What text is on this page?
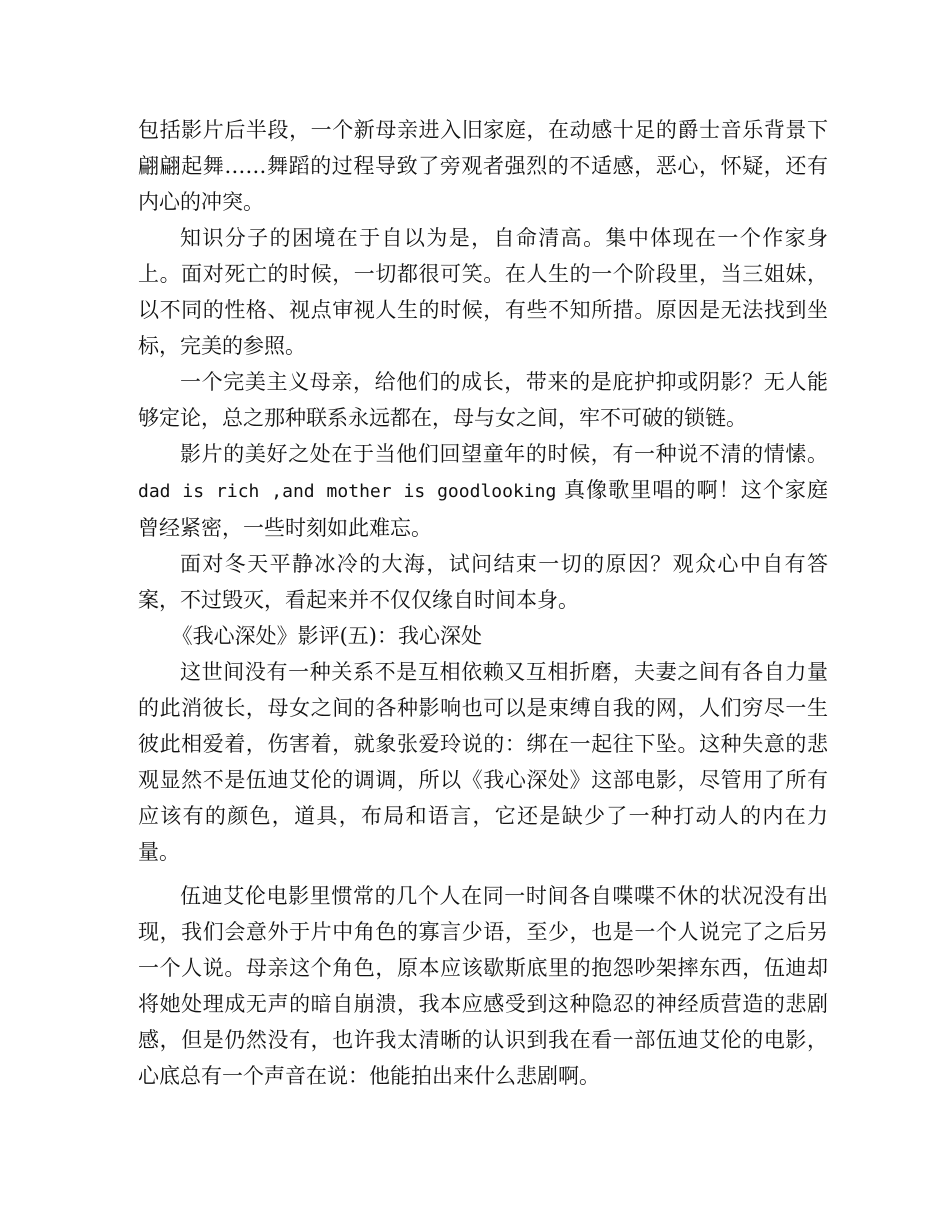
包括影片后半段，一个新母亲进入旧家庭，在动感十足的爵士音乐背景下翩翩起舞……舞蹈的过程导致了旁观者强烈的不适感，恶心，怀疑，还有内心的冲突。

知识分子的困境在于自以为是，自命清高。集中体现在一个作家身上。面对死亡的时候，一切都很可笑。在人生的一个阶段里，当三姐妹，以不同的性格、视点审视人生的时候，有些不知所措。原因是无法找到坐标，完美的参照。

一个完美主义母亲，给他们的成长，带来的是庇护抑或阴影？无人能够定论，总之那种联系永远都在，母与女之间，牢不可破的锁链。

影片的美好之处在于当他们回望童年的时候，有一种说不清的情愫。dad is rich ,and mother is goodlooking 真像歌里唱的啊！这个家庭曾经紧密，一些时刻如此难忘。

面对冬天平静冰冷的大海，试问结束一切的原因？观众心中自有答案，不过毁灭，看起来并不仅仅缘自时间本身。

《我心深处》影评(五)：我心深处

这世间没有一种关系不是互相依赖又互相折磨，夫妻之间有各自力量的此消彼长，母女之间的各种影响也可以是束缚自我的网，人们穷尽一生彼此相爱着，伤害着，就象张爱玲说的：绑在一起往下坠。这种失意的悲观显然不是伍迪艾伦的调调，所以《我心深处》这部电影，尽管用了所有应该有的颜色，道具，布局和语言，它还是缺少了一种打动人的内在力量。

伍迪艾伦电影里惯常的几个人在同一时间各自喋喋不休的状况没有出现，我们会意外于片中角色的寡言少语，至少，也是一个人说完了之后另一个人说。母亲这个角色，原本应该歇斯底里的抱怨吵架摔东西，伍迪却将她处理成无声的暗自崩溃，我本应感受到这种隐忍的神经质营造的悲剧感，但是仍然没有，也许我太清晰的认识到我在看一部伍迪艾伦的电影，心底总有一个声音在说：他能拍出来什么悲剧啊。
